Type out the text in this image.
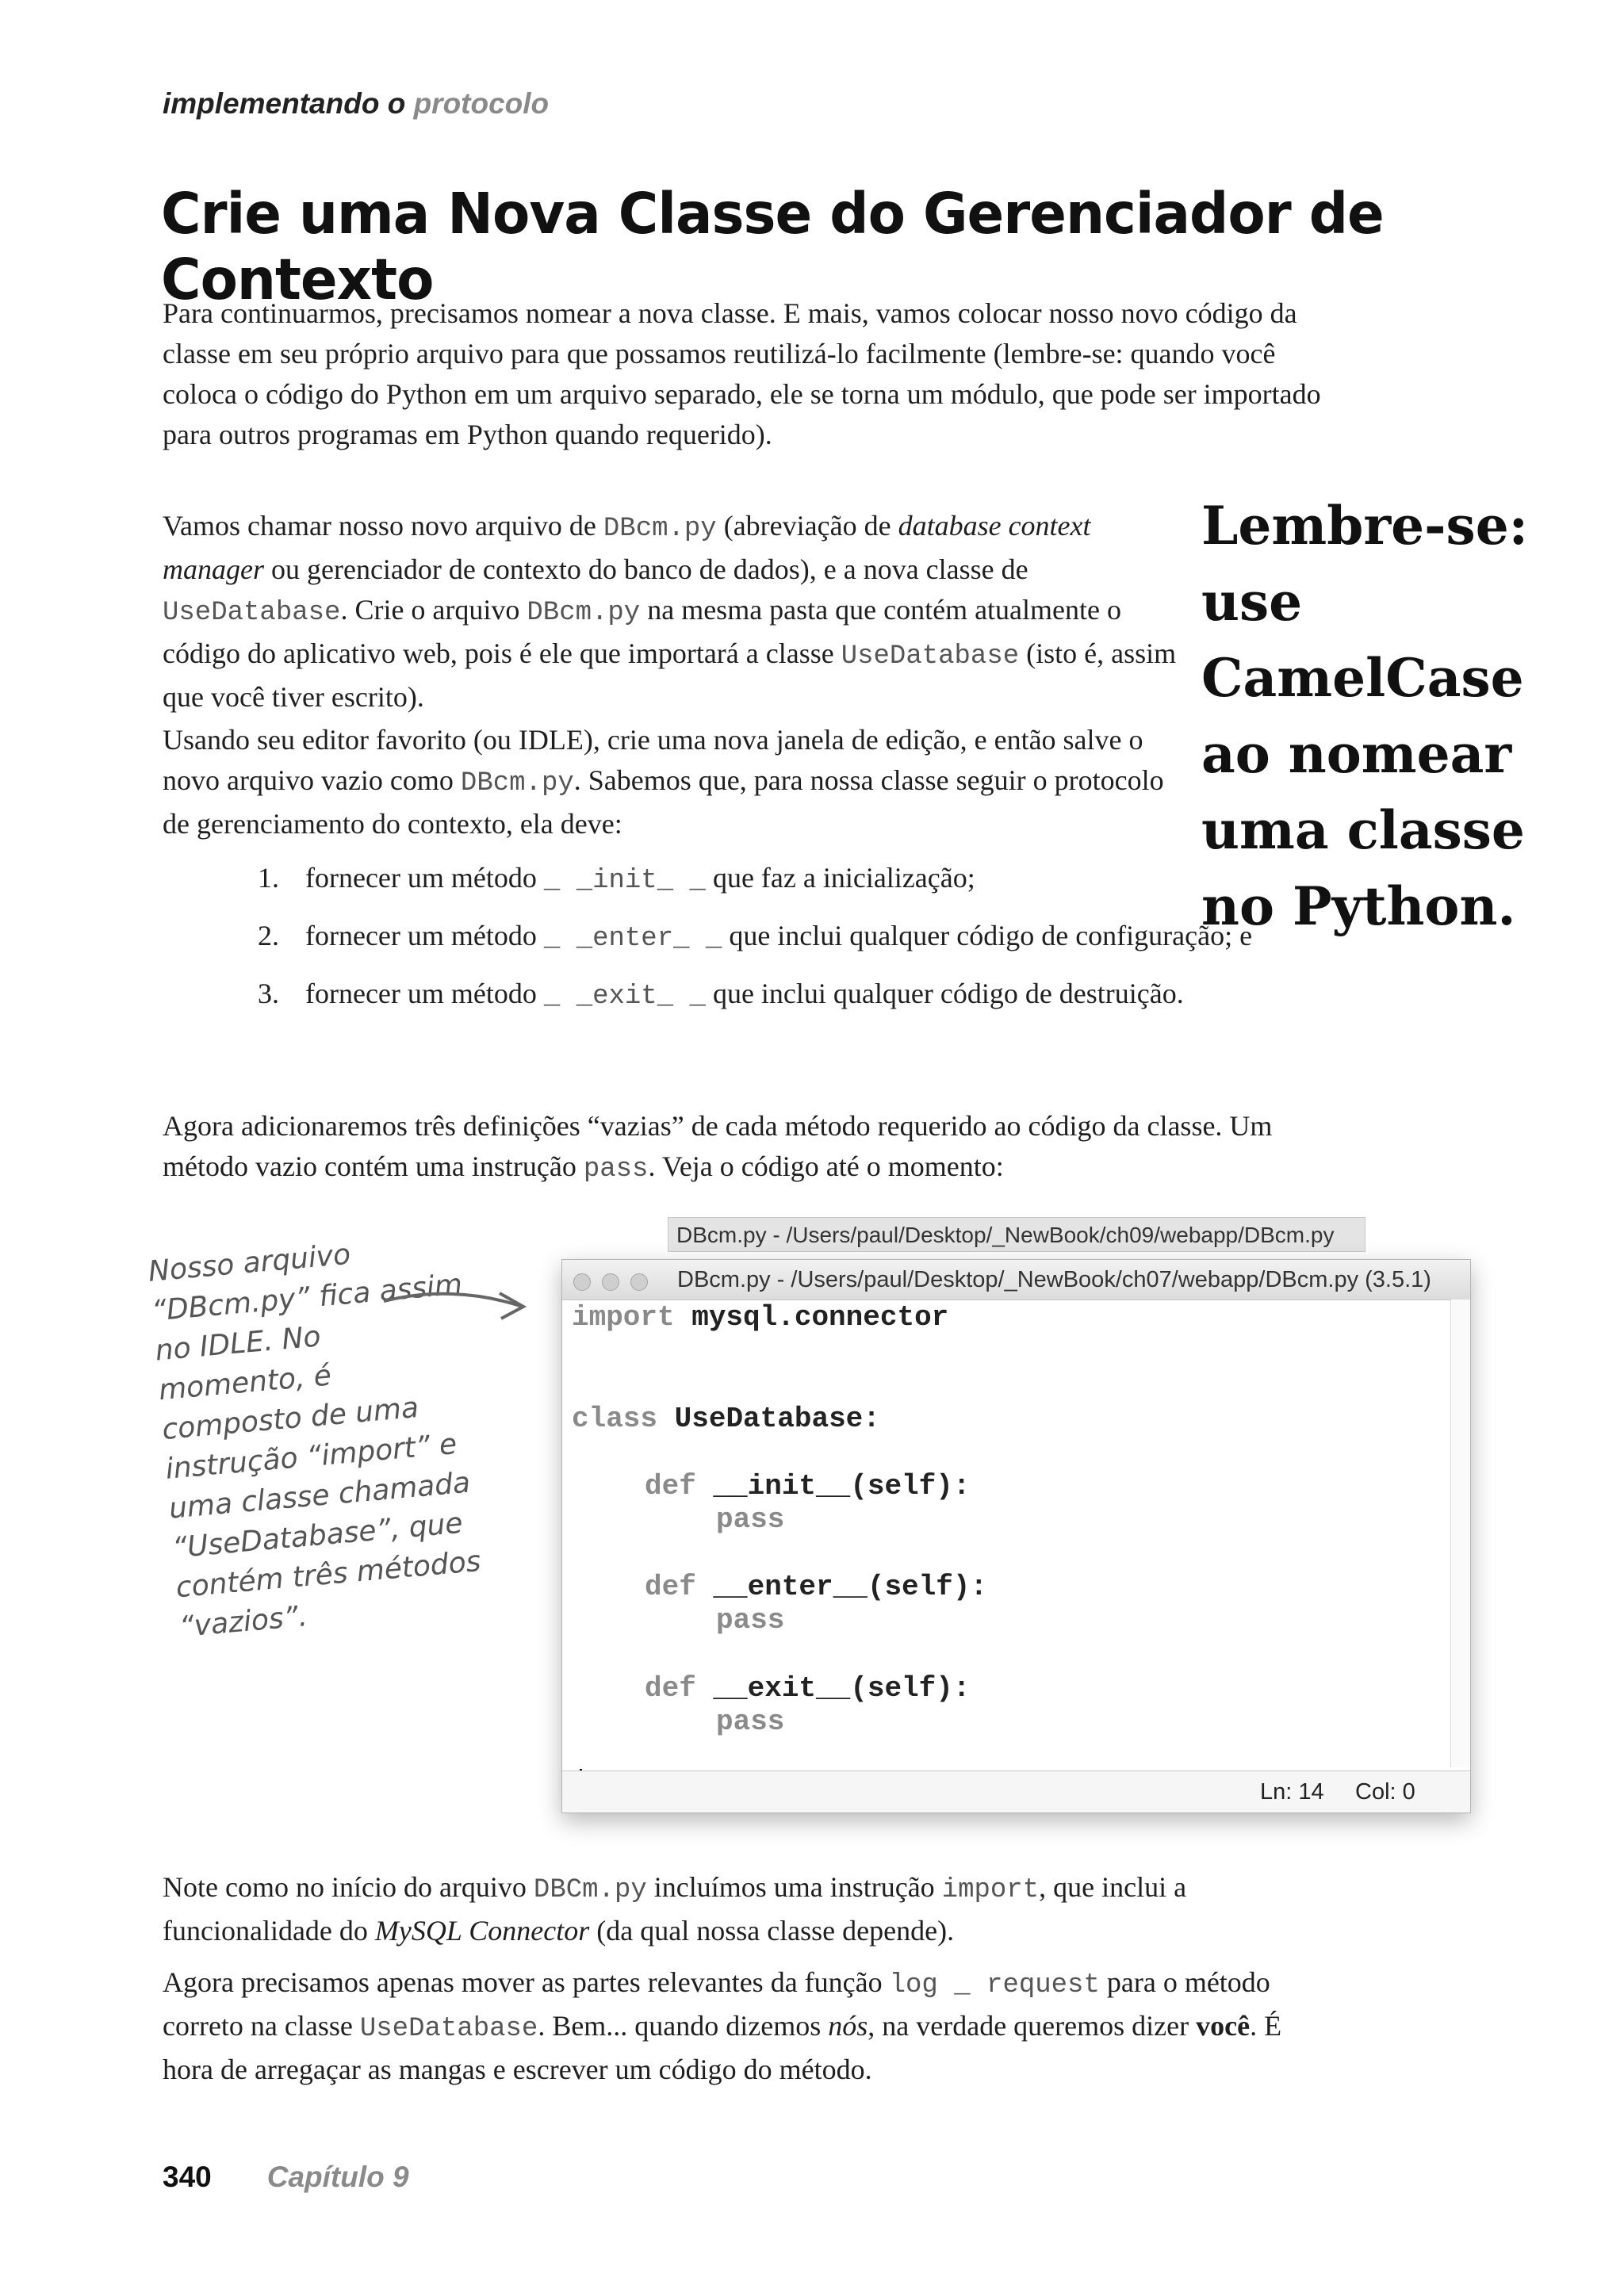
implementando o protocolo
Crie uma Nova Classe do Gerenciador de Contexto

Para continuarmos, precisamos nomear a nova classe. E mais, vamos colocar nosso novo código da classe em seu próprio arquivo para que possamos reutilizá-lo facilmente (lembre-se: quando você coloca o código do Python em um arquivo separado, ele se torna um módulo, que pode ser importado para outros programas em Python quando requerido).

Vamos chamar nosso novo arquivo de DBcm.py (abreviação de database context manager ou gerenciador de contexto do banco de dados), e a nova classe de UseDatabase. Crie o arquivo DBcm.py na mesma pasta que contém atualmente o código do aplicativo web, pois é ele que importará a classe UseDatabase (isto é, assim que você tiver escrito).

Usando seu editor favorito (ou IDLE), crie uma nova janela de edição, e então salve o novo arquivo vazio como DBcm.py. Sabemos que, para nossa classe seguir o protocolo de gerenciamento do contexto, ela deve:

Lembre-se:
use CamelCase
ao nomear
uma classe
no Python.
1. fornecer um método _ _init_ _ que faz a inicialização;
2. fornecer um método _ _enter_ _ que inclui qualquer código de configuração; e
3. fornecer um método _ _exit_ _ que inclui qualquer código de destruição.

Agora adicionaremos três definições “vazias” de cada método requerido ao código da classe. Um método vazio contém uma instrução pass. Veja o código até o momento:

Nosso arquivo “DBcm.py” fica assim no IDLE. No momento, é composto de uma instrução “import” e uma classe chamada “UseDatabase”, que contém três métodos “vazios”.
DBcm.py - /Users/paul/Desktop/_NewBook/ch09/webapp/DBcm.py
DBcm.py - /Users/paul/Desktop/_NewBook/ch07/webapp/DBcm.py (3.5.1)

import mysql.connector

class UseDatabase:

def __init__(self):

pass

def __enter__(self):

pass

def __exit__(self):

pass

Ln: 14 Col: 0

Note como no início do arquivo DBCm.py incluímos uma instrução import, que inclui a funcionalidade do MySQL Connector (da qual nossa classe depende).

Agora precisamos apenas mover as partes relevantes da função log _ request para o método correto na classe UseDatabase. Bem... quando dizemos nós, na verdade queremos dizer você. É hora de arregaçar as mangas e escrever um código do método.

340 Capítulo 9
